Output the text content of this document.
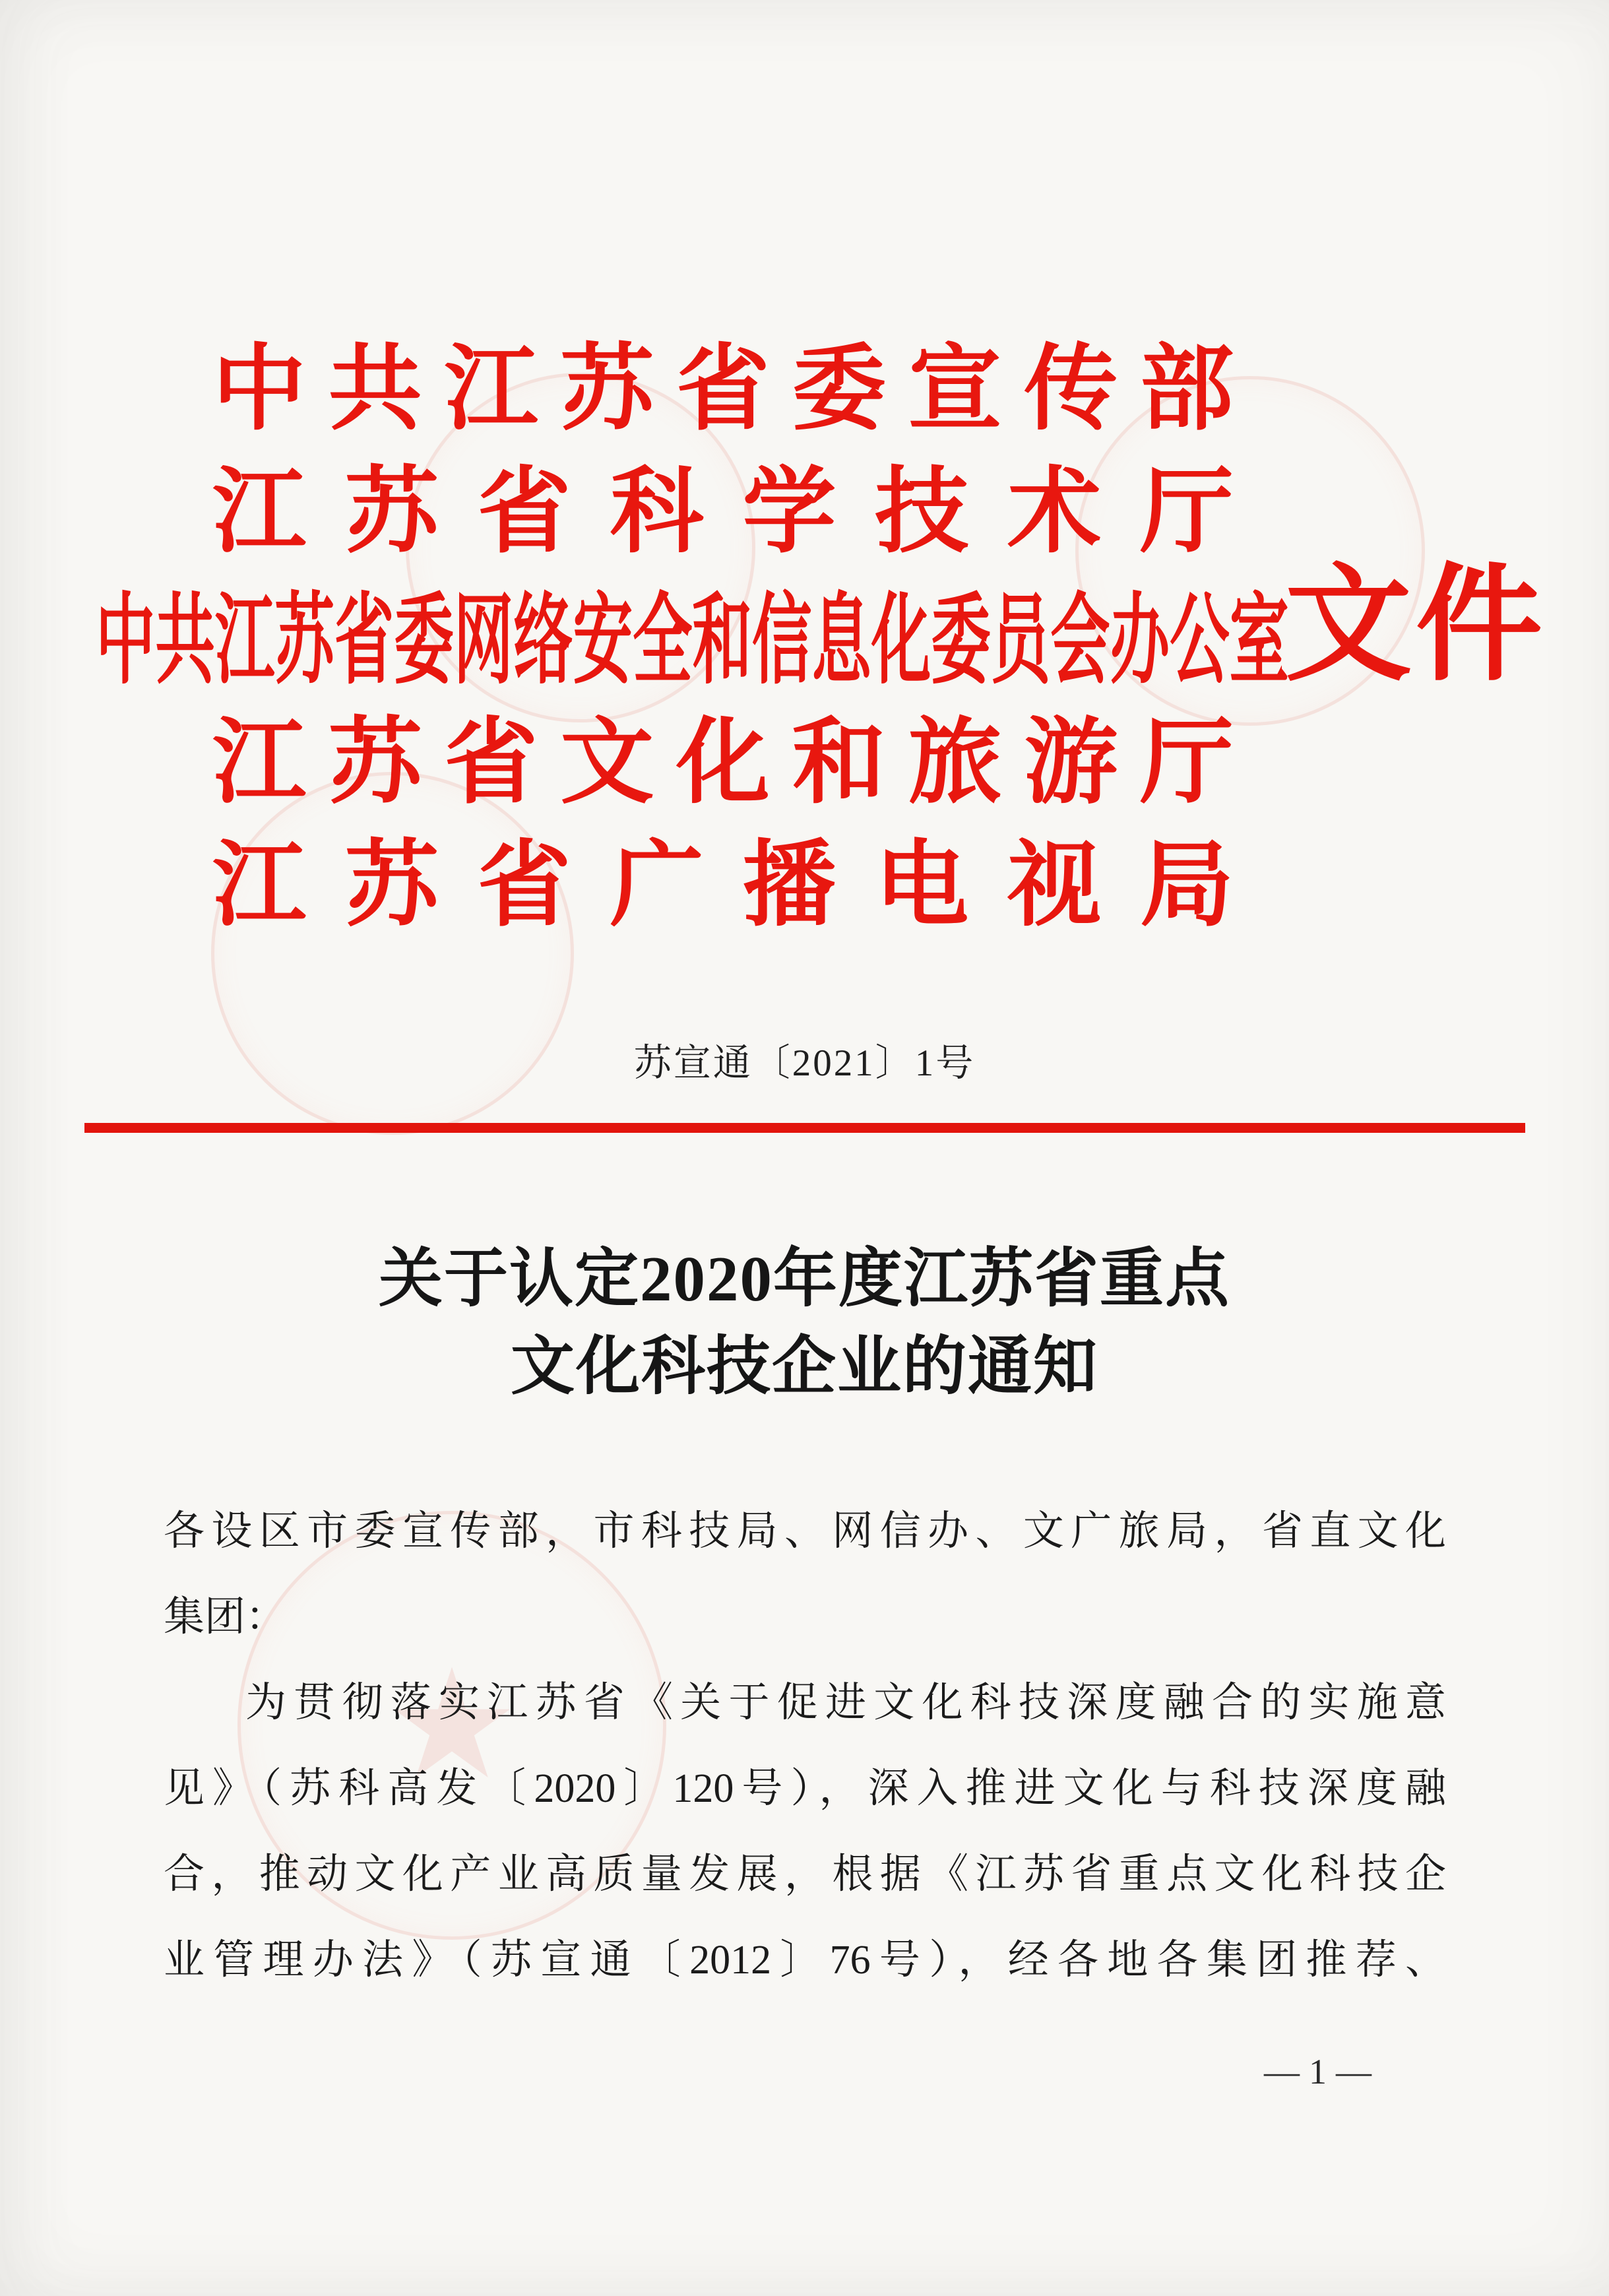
★
中共江苏省委宣传部
江苏省科学技术厅
中共江苏省委网络安全和信息化委员会办公室
文件
江苏省文化和旅游厅
江苏省广播电视局
苏宣通〔2021〕1号
关于认定2020年度江苏省重点
文化科技企业的通知
各设区市委宣传部，市科技局、网信办、文广旅局，省直文化
集团：
为贯彻落实江苏省《关于促进文化科技深度融合的实施意
见》（苏科高发〔2020〕120号），深入推进文化与科技深度融
合，推动文化产业高质量发展，根据《江苏省重点文化科技企
业管理办法》（苏宣通〔2012〕76号），经各地各集团推荐、
—1—
